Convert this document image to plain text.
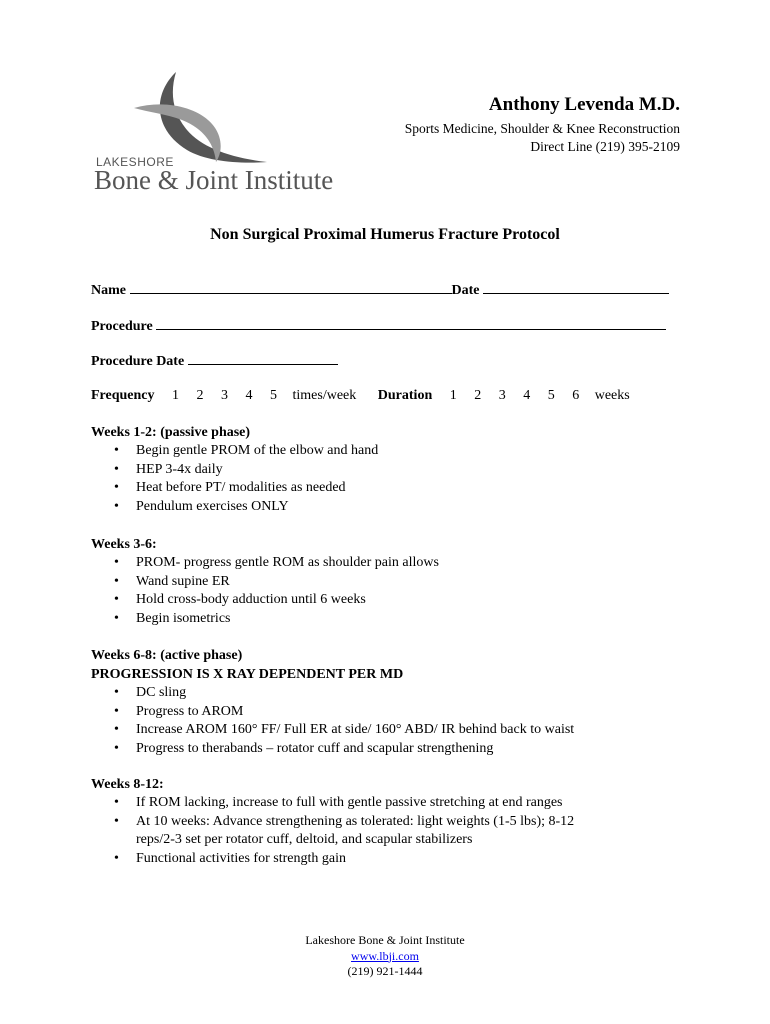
LAKESHORE
Bone & Joint Institute
Anthony Levenda M.D.
Sports Medicine, Shoulder & Knee Reconstruction
Direct Line (219) 395-2109
Non Surgical Proximal Humerus Fracture Protocol
Name	Date
Procedure
Procedure Date
Frequency 1 2 3 4 5 times/week Duration 1 2 3 4 5 6 weeks
Weeks 1-2: (passive phase)
• Begin gentle PROM of the elbow and hand
• HEP 3-4x daily
• Heat before PT/ modalities as needed
• Pendulum exercises ONLY
Weeks 3-6:
• PROM- progress gentle ROM as shoulder pain allows
• Wand supine ER
• Hold cross-body adduction until 6 weeks
• Begin isometrics
Weeks 6-8: (active phase)
PROGRESSION IS X RAY DEPENDENT PER MD
• DC sling
• Progress to AROM
• Increase AROM 160° FF/ Full ER at side/ 160° ABD/ IR behind back to waist
• Progress to therabands – rotator cuff and scapular strengthening
Weeks 8-12:
• If ROM lacking, increase to full with gentle passive stretching at end ranges
• At 10 weeks: Advance strengthening as tolerated: light weights (1-5 lbs); 8-12 reps/2-3 set per rotator cuff, deltoid, and scapular stabilizers
• Functional activities for strength gain
Lakeshore Bone & Joint Institute
www.lbji.com
(219) 921-1444
